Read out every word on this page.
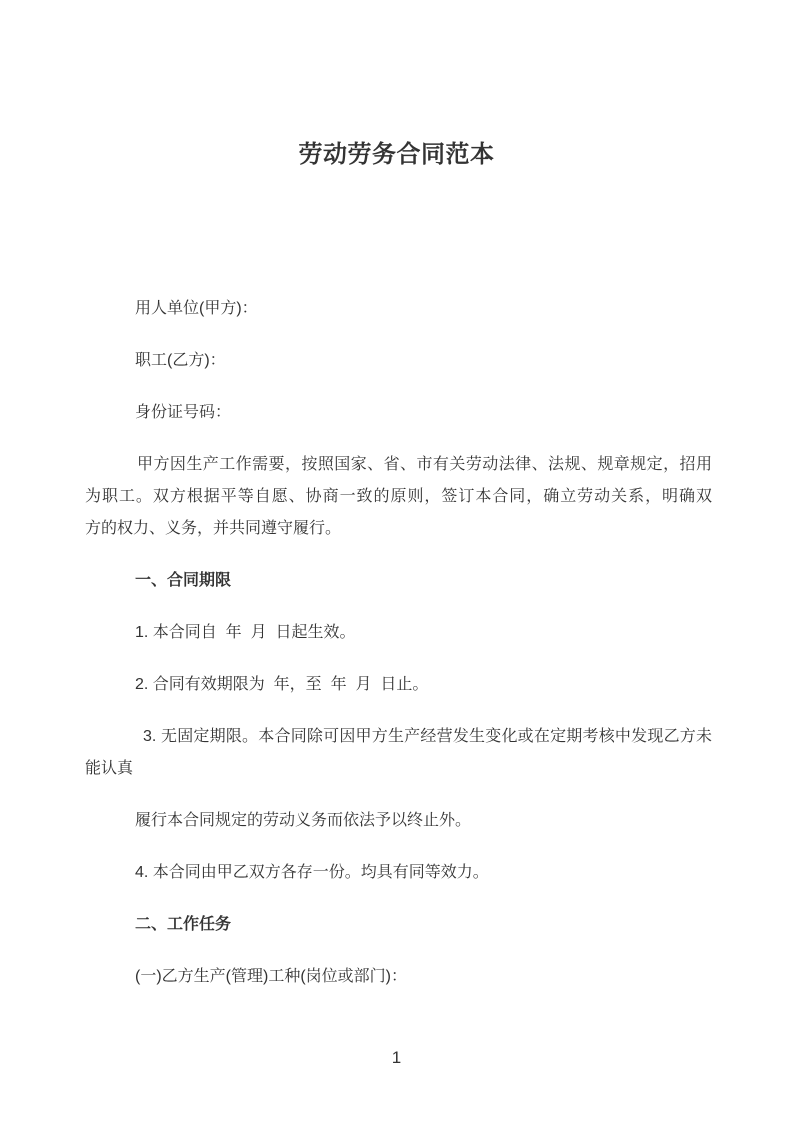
劳动劳务合同范本
用人单位(甲方)：
职工(乙方)：
身份证号码：
甲方因生产工作需要，按照国家、省、市有关劳动法律、法规、规章规定，招用
为职工。双方根据平等自愿、协商一致的原则，签订本合同，确立劳动关系，明确双
方的权力、义务，并共同遵守履行。
一、合同期限
1. 本合同自  年  月  日起生效。
2. 合同有效期限为  年，至  年  月  日止。
3. 无固定期限。本合同除可因甲方生产经营发生变化或在定期考核中发现乙方未
能认真
履行本合同规定的劳动义务而依法予以终止外。
4. 本合同由甲乙双方各存一份。均具有同等效力。
二、工作任务
(一)乙方生产(管理)工种(岗位或部门)：
1
